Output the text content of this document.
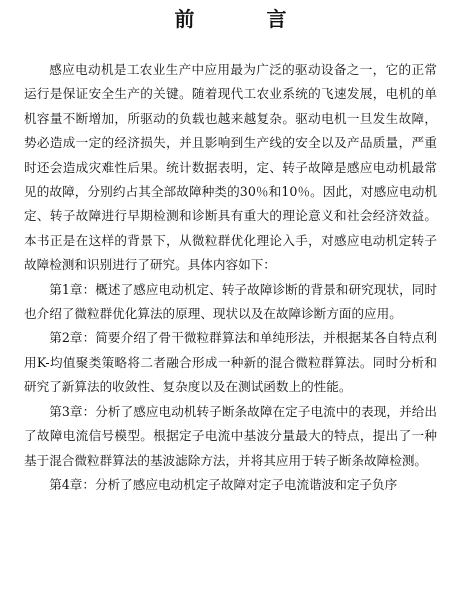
前　言

感应电动机是工农业生产中应用最为广泛的驱动设备之一，它的正常运行是保证安全生产的关键。随着现代工农业系统的飞速发展，电机的单机容量不断增加，所驱动的负载也越来越复杂。驱动电机一旦发生故障，势必造成一定的经济损失，并且影响到生产线的安全以及产品质量，严重时还会造成灾难性后果。统计数据表明，定、转子故障是感应电动机最常见的故障，分别约占其全部故障种类的30％和10％。因此，对感应电动机定、转子故障进行早期检测和诊断具有重大的理论意义和社会经济效益。本书正是在这样的背景下，从微粒群优化理论入手，对感应电动机定转子故障检测和识别进行了研究。具体内容如下：

第1章：概述了感应电动机定、转子故障诊断的背景和研究现状，同时也介绍了微粒群优化算法的原理、现状以及在故障诊断方面的应用。

第2章：简要介绍了骨干微粒群算法和单纯形法，并根据某各自特点利用K-均值聚类策略将二者融合形成一种新的混合微粒群算法。同时分析和研究了新算法的收敛性、复杂度以及在测试函数上的性能。

第3章：分析了感应电动机转子断条故障在定子电流中的表现，并给出了故障电流信号模型。根据定子电流中基波分量最大的特点，提出了一种基于混合微粒群算法的基波滤除方法，并将其应用于转子断条故障检测。

第4章：分析了感应电动机定子故障对定子电流谐波和定子负序
